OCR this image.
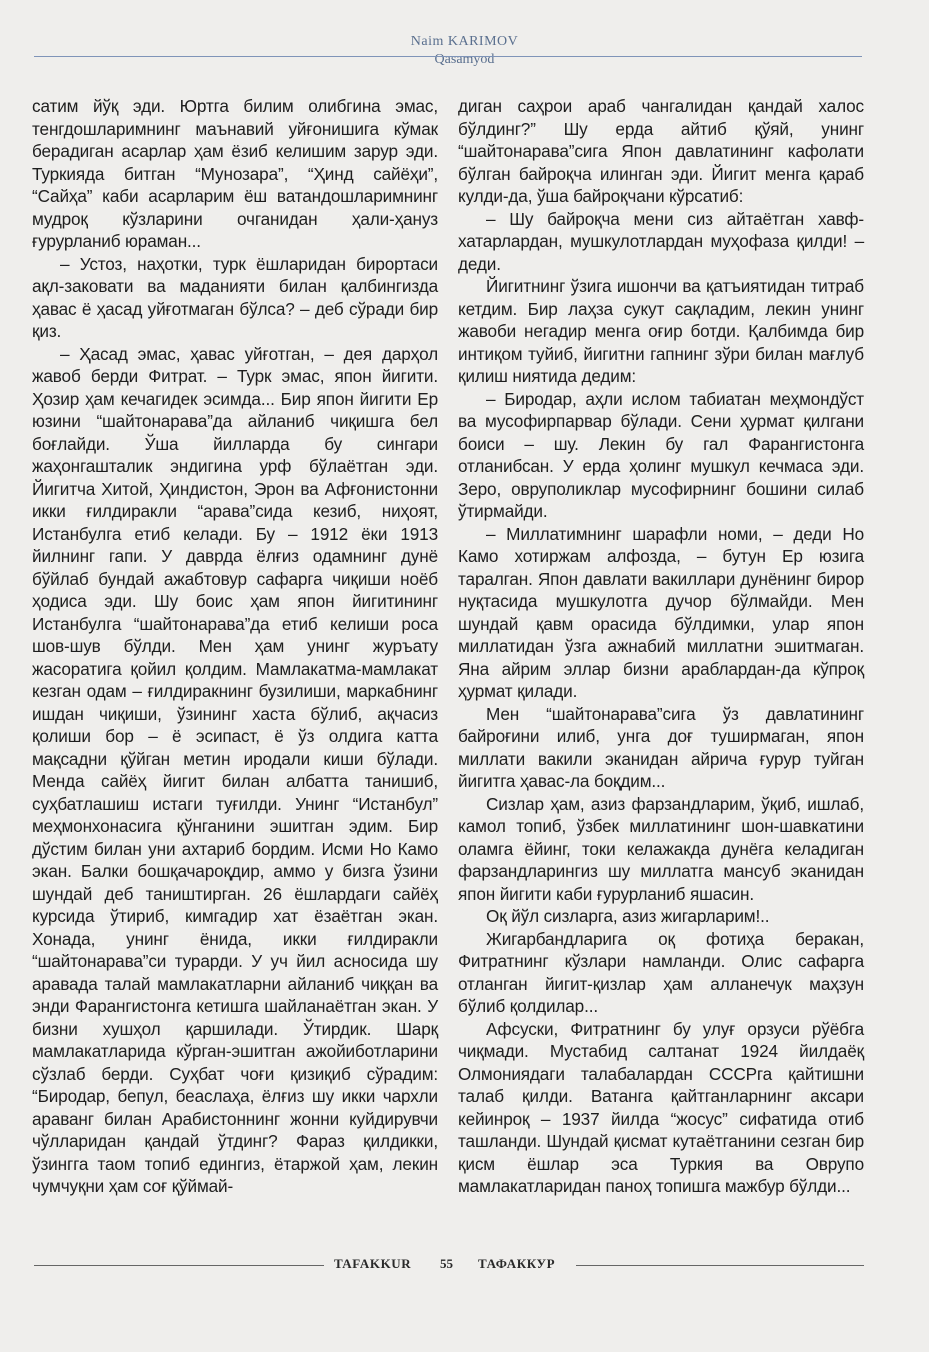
Naim KARIMOV
Qasamyod

сатим йўқ эди. Юртга билим олибгина эмас, тенгдошларимнинг маънавий уйғонишига кўмак берадиган асарлар ҳам ёзиб келишим зарур эди. Туркияда битган “Мунозара”, “Ҳинд сайёҳи”, “Сайҳа” каби асарларим ёш ватандошларимнинг мудроқ кўзларини очганидан ҳали-ҳануз ғурурланиб юраман...

– Устоз, наҳотки, турк ёшларидан бирортаси ақл-заковати ва маданияти билан қалбингизда ҳавас ё ҳасад уйғотмаган бўлса? – деб сўради бир қиз.

– Ҳасад эмас, ҳавас уйғотган, – дея дарҳол жавоб берди Фитрат. – Турк эмас, япон йигити. Ҳозир ҳам кечагидек эсимда... Бир япон йигити Ер юзини “шайтонарава”да айланиб чиқишга бел боғлайди. Ўша йилларда бу сингари жаҳонгашталик эндигина урф бўлаётган эди. Йигитча Хитой, Ҳиндистон, Эрон ва Афғонистонни икки ғилдиракли “арава”сида кезиб, ниҳоят, Истанбулга етиб келади. Бу – 1912 ёки 1913 йилнинг гапи. У даврда ёлғиз одамнинг дунё бўйлаб бундай ажабтовур сафарга чиқиши ноёб ҳодиса эди. Шу боис ҳам япон йигитининг Истанбулга “шайтонарава”да етиб келиши роса шов-шув бўлди. Мен ҳам унинг журъату жасоратига қойил қолдим. Мамлакатма-мамлакат кезган одам – ғилдиракнинг бузилиши, маркабнинг ишдан чиқиши, ўзининг хаста бўлиб, ақчасиз қолиши бор – ё эсипаст, ё ўз олдига катта мақсадни қўйган метин иродали киши бўлади. Менда сайёҳ йигит билан албатта танишиб, суҳбатлашиш истаги туғилди. Унинг “Истанбул” меҳмонхонасига қўнганини эшитган эдим. Бир дўстим билан уни ахтариб бордим. Исми Но Камо экан. Балки бошқачароқдир, аммо у бизга ўзини шундай деб таништирган. 26 ёшлардаги сайёҳ курсида ўтириб, кимгадир хат ёзаётган экан. Хонада, унинг ёнида, икки ғилдиракли “шайтонарава”си турарди. У уч йил асносида шу аравада талай мамлакатларни айланиб чиққан ва энди Фарангистонга кетишга шайланаётган экан. У бизни хушҳол қаршилади. Ўтирдик. Шарқ мамлакатларида кўрган-эшитган ажойиботларини сўзлаб берди. Суҳбат чоғи қизиқиб сўрадим: “Биродар, бепул, беаслаҳа, ёлғиз шу икки чархли араванг билан Арабистоннинг жонни куйдирувчи чўлларидан қандай ўтдинг? Фараз қилдикки, ўзингга таом топиб едингиз, ётаржой ҳам, лекин чумчуқни ҳам соғ қўймай-

диган саҳрои араб чангалидан қандай халос бўлдинг?” Шу ерда айтиб қўяй, унинг “шайтонарава”сига Япон давлатининг кафолати бўлган байроқча илинган эди. Йигит менга қараб кулди-да, ўша байроқчани кўрсатиб:

– Шу байроқча мени сиз айтаётган хавф-хатарлардан, мушкулотлардан муҳофаза қилди! – деди.

Йигитнинг ўзига ишончи ва қатъиятидан титраб кетдим. Бир лаҳза сукут сақладим, лекин унинг жавоби негадир менга оғир ботди. Қалбимда бир интиқом туйиб, йигитни гапнинг зўри билан мағлуб қилиш ниятида дедим:

– Биродар, аҳли ислом табиатан меҳмондўст ва мусофирпарвар бўлади. Сени ҳурмат қилгани боиси – шу. Лекин бу гал Фарангистонга отланибсан. У ерда ҳолинг мушкул кечмаса эди. Зеро, овруполиклар мусофирнинг бошини силаб ўтирмайди.

– Миллатимнинг шарафли номи, – деди Но Камо хотиржам алфозда, – бутун Ер юзига таралган. Япон давлати вакиллари дунёнинг бирор нуқтасида мушкулотга дучор бўлмайди. Мен шундай қавм орасида бўлдимки, улар япон миллатидан ўзга ажнабий миллатни эшитмаган. Яна айрим эллар бизни араблардан-да кўпроқ ҳурмат қилади.

Мен “шайтонарава”сига ўз давлатининг байроғини илиб, унга доғ туширмаган, япон миллати вакили эканидан айрича ғурур туйган йигитга ҳавас-ла боқдим...

Сизлар ҳам, азиз фарзандларим, ўқиб, ишлаб, камол топиб, ўзбек миллатининг шон-шавкатини оламга ёйинг, токи келажакда дунёга келадиган фарзандларингиз шу миллатга мансуб эканидан япон йигити каби ғурурланиб яшасин.

Оқ йўл сизларга, азиз жигарларим!..

Жигарбандларига оқ фотиҳа беракан, Фитратнинг кўзлари намланди. Олис сафарга отланган йигит-қизлар ҳам алланечук маҳзун бўлиб қолдилар...

Афсуски, Фитратнинг бу улуғ орзуси рўёбга чиқмади. Мустабид салтанат 1924 йилдаёқ Олмониядаги талабалардан СССРга қайтишни талаб қилди. Ватанга қайтганларнинг аксари кейинроқ – 1937 йилда “жосус” сифатида отиб ташланди. Шундай қисмат кутаётганини сезган бир қисм ёшлар эса Туркия ва Оврупо мамлакатларидан паноҳ топишга мажбур бўлди...

TAFAKKUR 55 ТАФАККУР
